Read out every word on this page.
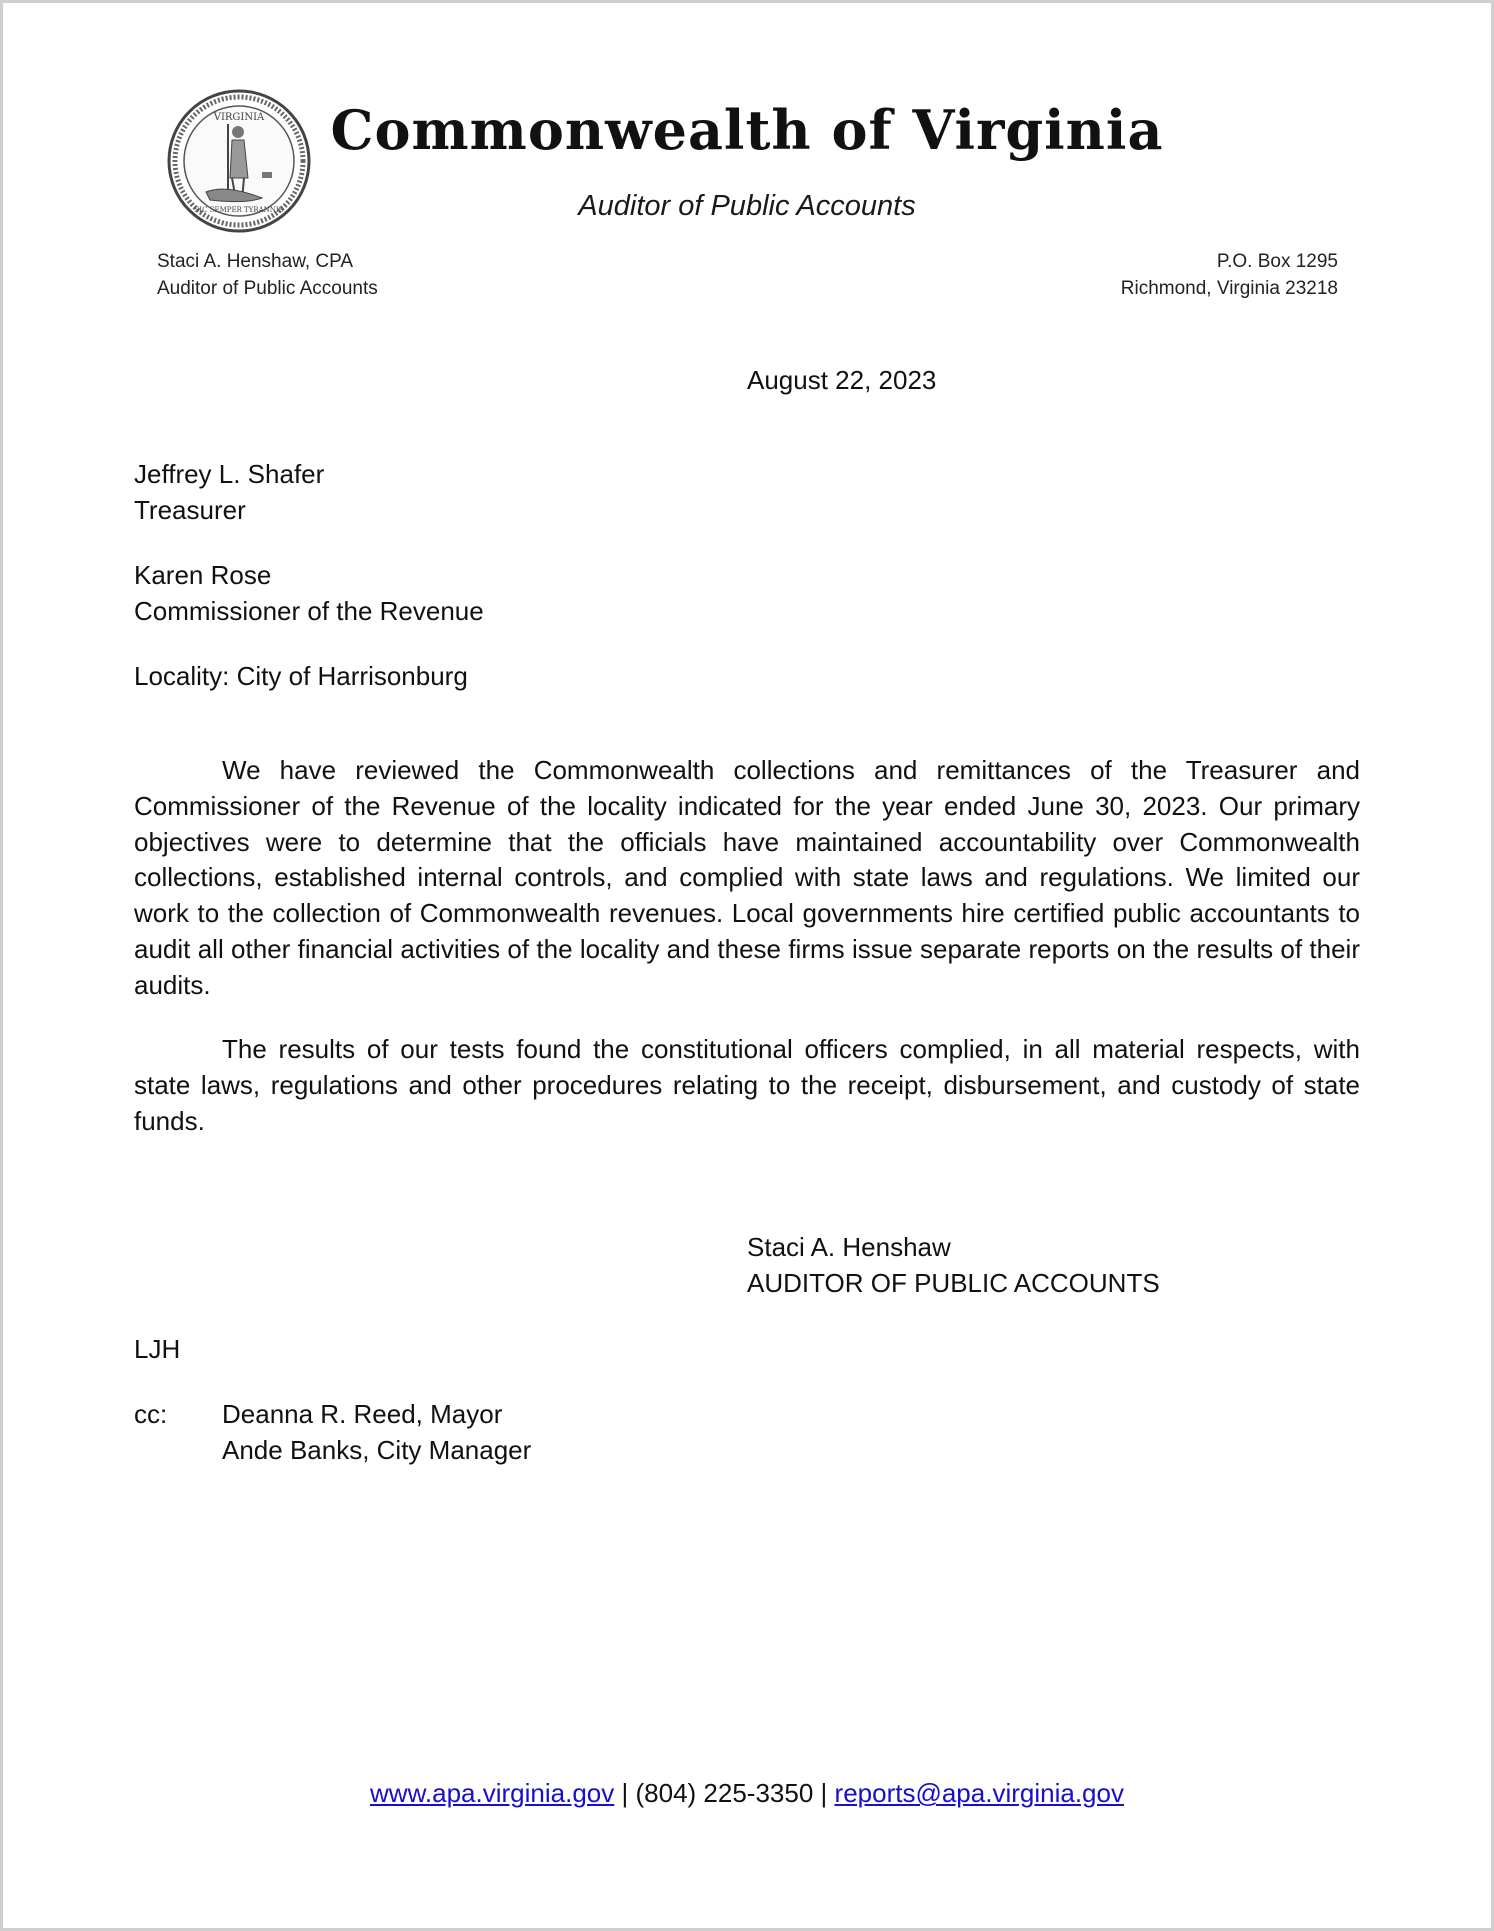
VIRGINIA
SIC SEMPER TYRANNIS
Commonwealth of Virginia
Auditor of Public Accounts
Staci A. Henshaw, CPA
Auditor of Public Accounts
P.O. Box 1295
Richmond, Virginia 23218
August 22, 2023
Jeffrey L. Shafer
Treasurer
Karen Rose
Commissioner of the Revenue
Locality: City of Harrisonburg
We have reviewed the Commonwealth collections and remittances of the Treasurer and Commissioner of the Revenue of the locality indicated for the year ended June 30, 2023. Our primary objectives were to determine that the officials have maintained accountability over Commonwealth collections, established internal controls, and complied with state laws and regulations. We limited our work to the collection of Commonwealth revenues. Local governments hire certified public accountants to audit all other financial activities of the locality and these firms issue separate reports on the results of their audits.
The results of our tests found the constitutional officers complied, in all material respects, with state laws, regulations and other procedures relating to the receipt, disbursement, and custody of state funds.
Staci A. Henshaw
AUDITOR OF PUBLIC ACCOUNTS
LJH
cc: Deanna R. Reed, Mayor
Ande Banks, City Manager
www.apa.virginia.gov | (804) 225-3350 | reports@apa.virginia.gov
